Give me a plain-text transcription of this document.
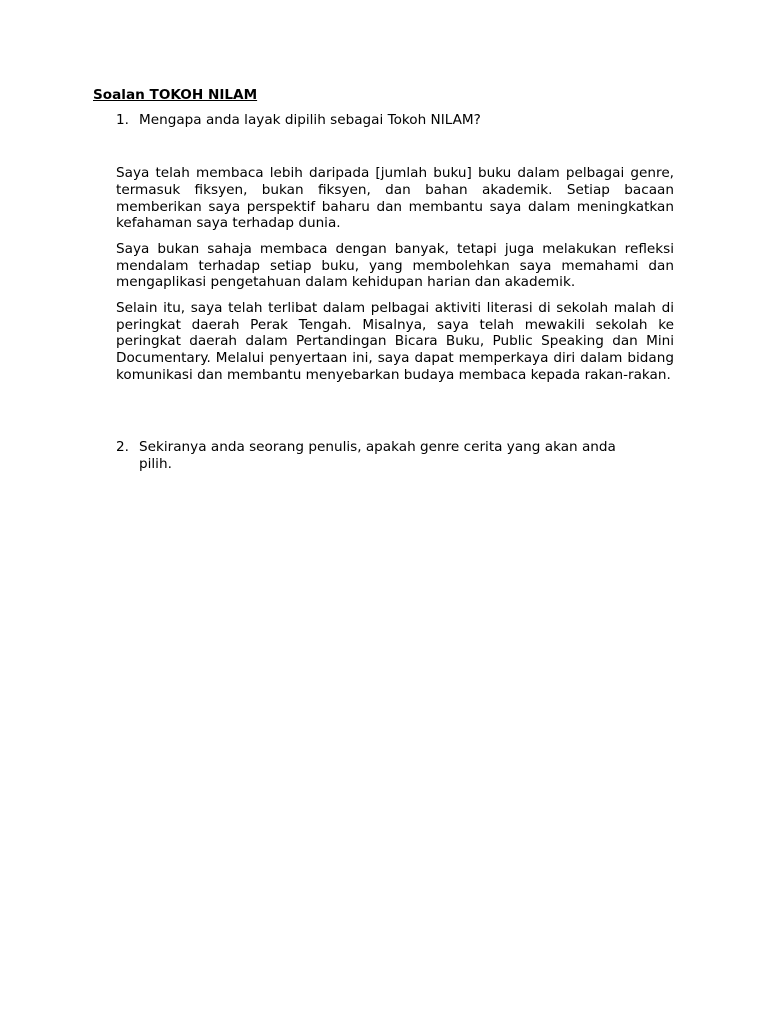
Soalan TOKOH NILAM
1. Mengapa anda layak dipilih sebagai Tokoh NILAM?

Saya telah membaca lebih daripada [jumlah buku] buku dalam pelbagai genre, termasuk fiksyen, bukan fiksyen, dan bahan akademik. Setiap bacaan memberikan saya perspektif baharu dan membantu saya dalam meningkatkan kefahaman saya terhadap dunia.

Saya bukan sahaja membaca dengan banyak, tetapi juga melakukan refleksi mendalam terhadap setiap buku, yang membolehkan saya memahami dan mengaplikasi pengetahuan dalam kehidupan harian dan akademik.

Selain itu, saya telah terlibat dalam pelbagai aktiviti literasi di sekolah malah di peringkat daerah Perak Tengah. Misalnya, saya telah mewakili sekolah ke peringkat daerah dalam Pertandingan Bicara Buku, Public Speaking dan Mini Documentary. Melalui penyertaan ini, saya dapat memperkaya diri dalam bidang komunikasi dan membantu menyebarkan budaya membaca kepada rakan-rakan.

2. Sekiranya anda seorang penulis, apakah genre cerita yang akan anda pilih.
